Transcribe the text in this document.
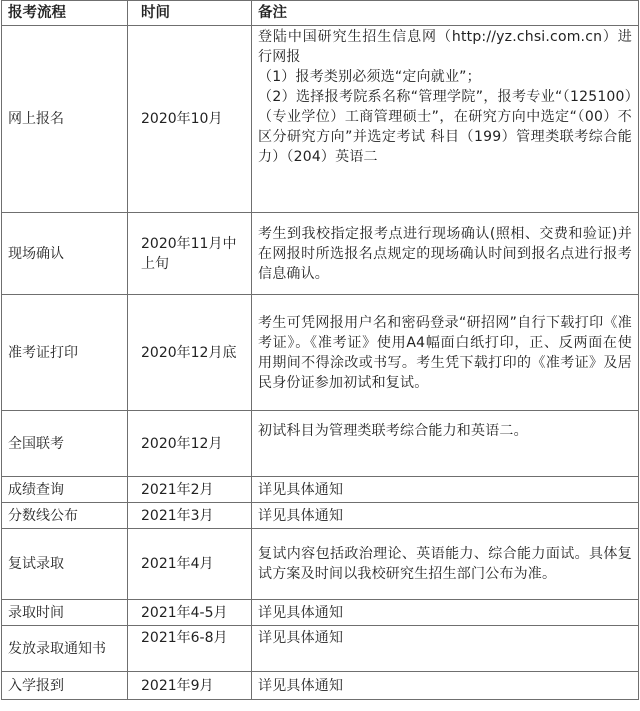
报考流程	时间	备注
网上报名	2020年10月	登陆中国研究生招生信息网（http://yz.chsi.com.cn）进行网报
（1）报考类别必须选“定向就业”；
（2）选择报考院系名称“管理学院”，报考专业“（125100）（专业学位）工商管理硕士”，在研究方向中选定“（00）不区分研究方向”并选定考试 科目（199）管理类联考综合能力）（204）英语二

现场确认	2020年11月中上旬	考生到我校指定报考点进行现场确认(照相、交费和验证)并在网报时所选报名点规定的现场确认时间到报名点进行报考信息确认。
准考证打印	2020年12月底	考生可凭网报用户名和密码登录“研招网”自行下载打印《准考证》。《准考证》使用A4幅面白纸打印，正、反两面在使用期间不得涂改或书写。考生凭下载打印的《准考证》及居民身份证参加初试和复试。
全国联考	2020年12月	初试科目为管理类联考综合能力和英语二。
成绩查询	2021年2月	详见具体通知
分数线公布	2021年3月	详见具体通知
复试录取	2021年4月	复试内容包括政治理论、英语能力、综合能力面试。具体复试方案及时间以我校研究生招生部门公布为准。
录取时间	2021年4-5月	详见具体通知
发放录取通知书	2021年6-8月	详见具体通知
入学报到	2021年9月	详见具体通知
